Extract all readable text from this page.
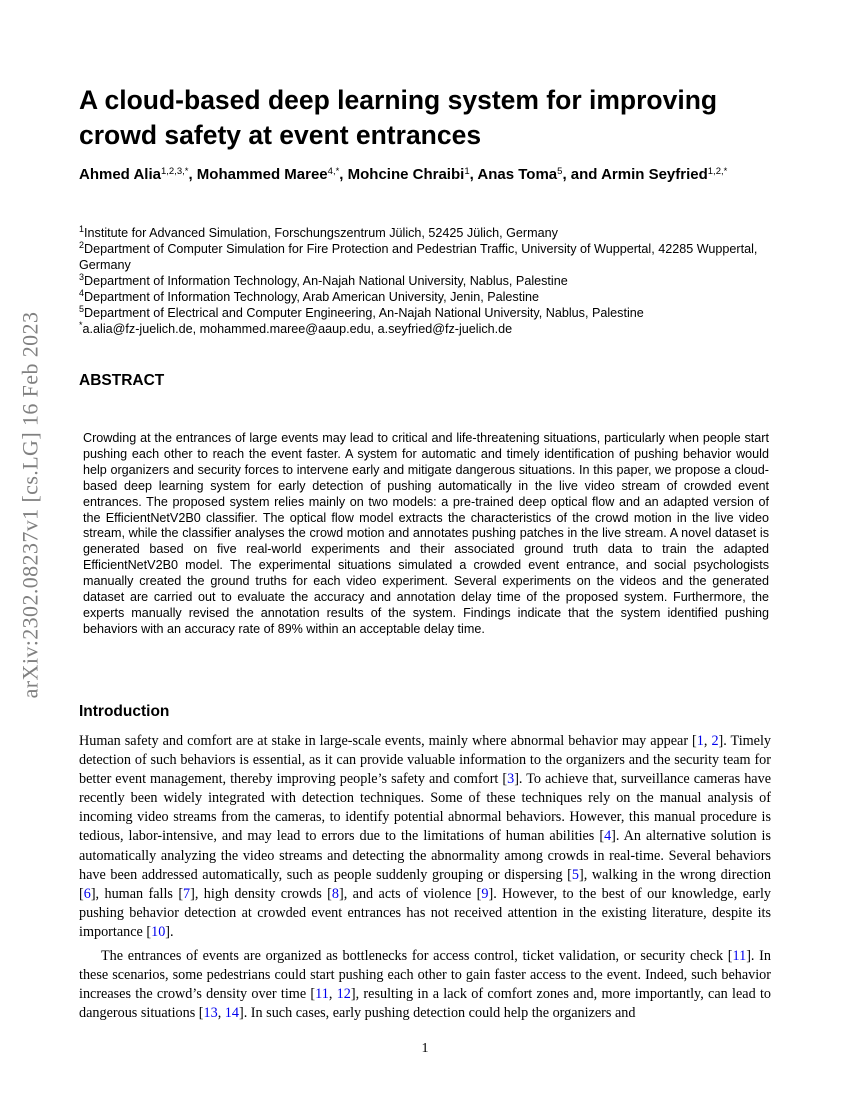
arXiv:2302.08237v1 [cs.LG] 16 Feb 2023
A cloud-based deep learning system for improving crowd safety at event entrances

Ahmed Alia$^{1,2,3,*}$, Mohammed Maree$^{4,*}$, Mohcine Chraibi$^1$, Anas Toma$^5$, and Armin Seyfried$^{1,2,*}$

$^1$Institute for Advanced Simulation, Forschungszentrum Jülich, 52425 Jülich, Germany

$^2$Department of Computer Simulation for Fire Protection and Pedestrian Traffic, University of Wuppertal, 42285 Wuppertal, Germany

$^3$Department of Information Technology, An-Najah National University, Nablus, Palestine

$^4$Department of Information Technology, Arab American University, Jenin, Palestine

$^5$Department of Electrical and Computer Engineering, An-Najah National University, Nablus, Palestine

*a.alia@fz-juelich.de, mohammed.maree@aaup.edu, a.seyfried@fz-juelich.de

ABSTRACT

Crowding at the entrances of large events may lead to critical and life-threatening situations, particularly when people start pushing each other to reach the event faster. A system for automatic and timely identification of pushing behavior would help organizers and security forces to intervene early and mitigate dangerous situations. In this paper, we propose a cloud-based deep learning system for early detection of pushing automatically in the live video stream of crowded event entrances. The proposed system relies mainly on two models: a pre-trained deep optical flow and an adapted version of the EfficientNetV2B0 classifier. The optical flow model extracts the characteristics of the crowd motion in the live video stream, while the classifier analyses the crowd motion and annotates pushing patches in the live stream. A novel dataset is generated based on five real-world experiments and their associated ground truth data to train the adapted EfficientNetV2B0 model. The experimental situations simulated a crowded event entrance, and social psychologists manually created the ground truths for each video experiment. Several experiments on the videos and the generated dataset are carried out to evaluate the accuracy and annotation delay time of the proposed system. Furthermore, the experts manually revised the annotation results of the system. Findings indicate that the system identified pushing behaviors with an accuracy rate of 89% within an acceptable delay time.

Introduction

Human safety and comfort are at stake in large-scale events, mainly where abnormal behavior may appear [1, 2]. Timely detection of such behaviors is essential, as it can provide valuable information to the organizers and the security team for better event management, thereby improving people’s safety and comfort [3]. To achieve that, surveillance cameras have recently been widely integrated with detection techniques. Some of these techniques rely on the manual analysis of incoming video streams from the cameras, to identify potential abnormal behaviors. However, this manual procedure is tedious, labor-intensive, and may lead to errors due to the limitations of human abilities [4]. An alternative solution is automatically analyzing the video streams and detecting the abnormality among crowds in real-time. Several behaviors have been addressed automatically, such as people suddenly grouping or dispersing [5], walking in the wrong direction [6], human falls [7], high density crowds [8], and acts of violence [9]. However, to the best of our knowledge, early pushing behavior detection at crowded event entrances has not received attention in the existing literature, despite its importance [10].

The entrances of events are organized as bottlenecks for access control, ticket validation, or security check [11]. In these scenarios, some pedestrians could start pushing each other to gain faster access to the event. Indeed, such behavior increases the crowd’s density over time [11, 12], resulting in a lack of comfort zones and, more importantly, can lead to dangerous situations [13, 14]. In such cases, early pushing detection could help the organizers and

1
